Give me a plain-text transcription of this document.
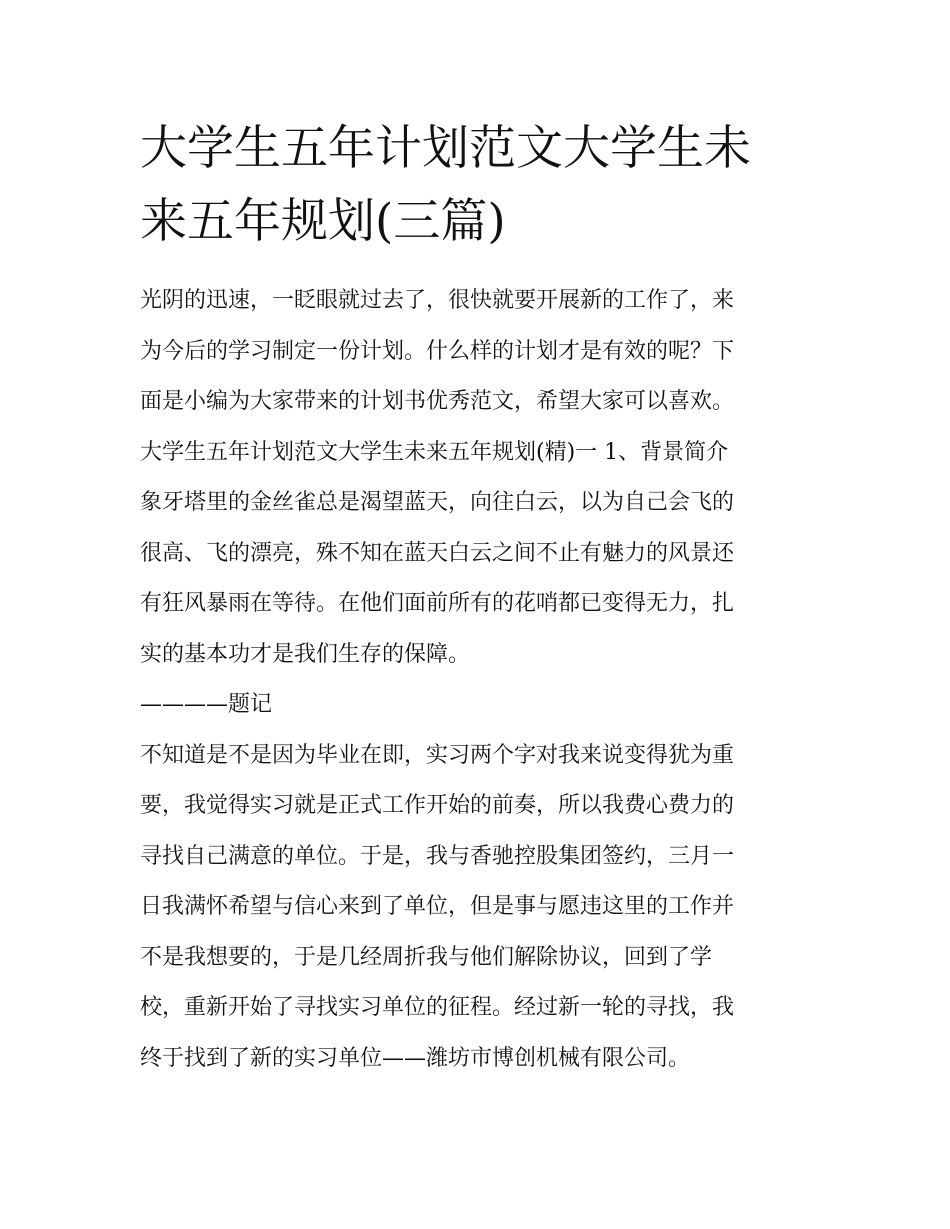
大学生五年计划范文大学生未
来五年规划(三篇)
光阴的迅速，一眨眼就过去了，很快就要开展新的工作了，来
为今后的学习制定一份计划。什么样的计划才是有效的呢？下
面是小编为大家带来的计划书优秀范文，希望大家可以喜欢。
大学生五年计划范文大学生未来五年规划(精)一 1、背景简介
象牙塔里的金丝雀总是渴望蓝天，向往白云，以为自己会飞的
很高、飞的漂亮，殊不知在蓝天白云之间不止有魅力的风景还
有狂风暴雨在等待。在他们面前所有的花哨都已变得无力，扎
实的基本功才是我们生存的保障。
————题记
不知道是不是因为毕业在即，实习两个字对我来说变得犹为重
要，我觉得实习就是正式工作开始的前奏，所以我费心费力的
寻找自己满意的单位。于是，我与香驰控股集团签约，三月一
日我满怀希望与信心来到了单位，但是事与愿违这里的工作并
不是我想要的，于是几经周折我与他们解除协议，回到了学
校，重新开始了寻找实习单位的征程。经过新一轮的寻找，我
终于找到了新的实习单位——潍坊市博创机械有限公司。
